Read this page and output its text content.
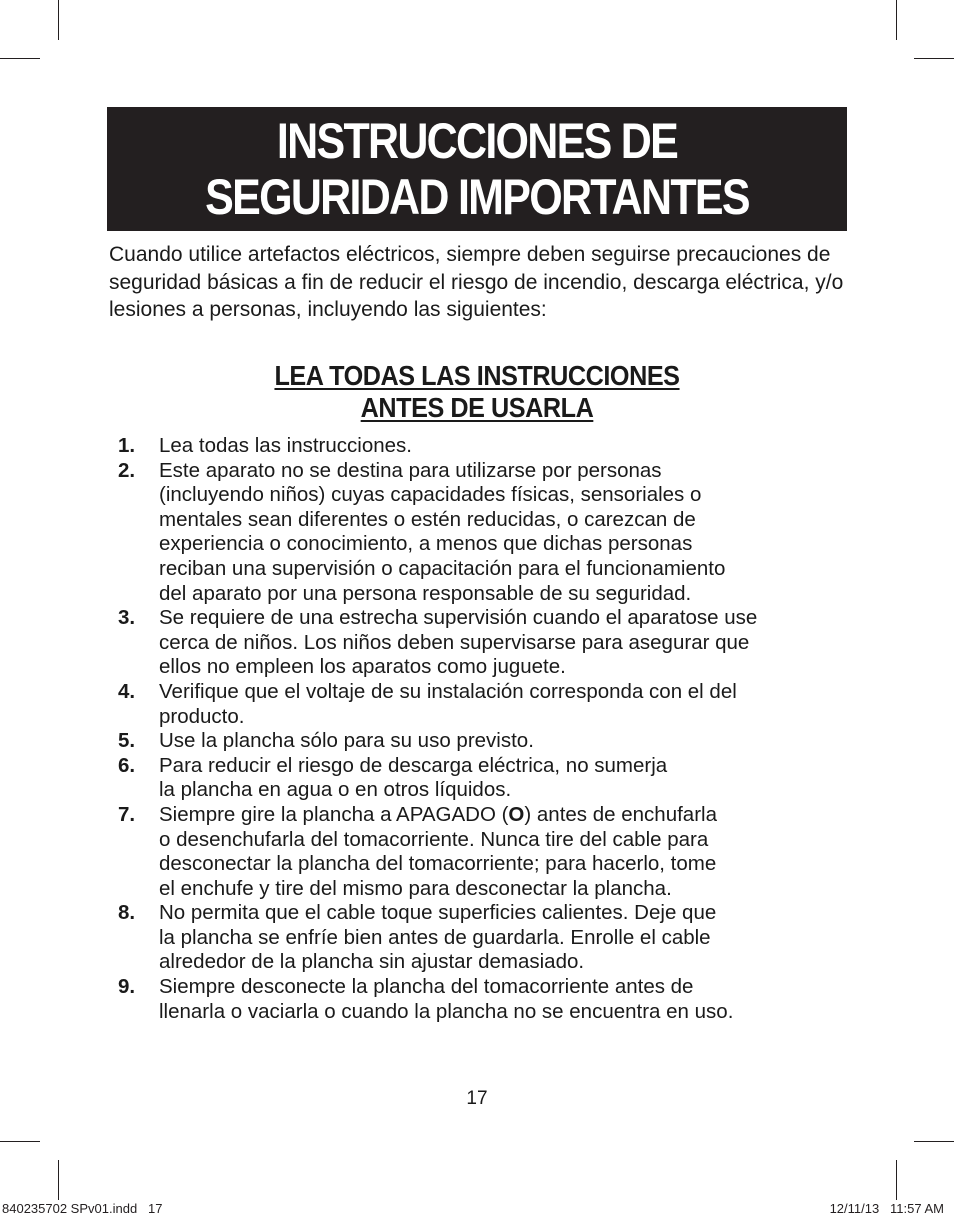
INSTRUCCIONES DE
SEGURIDAD IMPORTANTES

Cuando utilice artefactos eléctricos, siempre deben seguirse precauciones de seguridad básicas a fin de reducir el riesgo de incendio, descarga eléctrica, y/o lesiones a personas, incluyendo las siguientes:

LEA TODAS LAS INSTRUCCIONES
ANTES DE USARLA
1.	Lea todas las instrucciones.
2.	Este aparato no se destina para utilizarse por personas
(incluyendo niños) cuyas capacidades físicas, sensoriales o
mentales sean diferentes o estén reducidas, o carezcan de
experiencia o conocimiento, a menos que dichas personas
reciban una supervisión o capacitación para el funcionamiento
del aparato por una persona responsable de su seguridad.
3.	Se requiere de una estrecha supervisión cuando el aparatose use
cerca de niños. Los niños deben supervisarse para asegurar que
ellos no empleen los aparatos como juguete.
4.	Verifique que el voltaje de su instalación corresponda con el del
producto.
5.	Use la plancha sólo para su uso previsto.
6.	Para reducir el riesgo de descarga eléctrica, no sumerja
la plancha en agua o en otros líquidos.
7.	Siempre gire la plancha a APAGADO (O) antes de enchufarla
o desenchufarla del tomacorriente. Nunca tire del cable para
desconectar la plancha del tomacorriente; para hacerlo, tome
el enchufe y tire del mismo para desconectar la plancha.
8.	No permita que el cable toque superficies calientes. Deje que
la plancha se enfríe bien antes de guardarla. Enrolle el cable
alrededor de la plancha sin ajustar demasiado.
9.	Siempre desconecte la plancha del tomacorriente antes de
llenarla o vaciarla o cuando la plancha no se encuentra en uso.
17
840235702 SPv01.indd   17	12/11/13   11:57 AM
